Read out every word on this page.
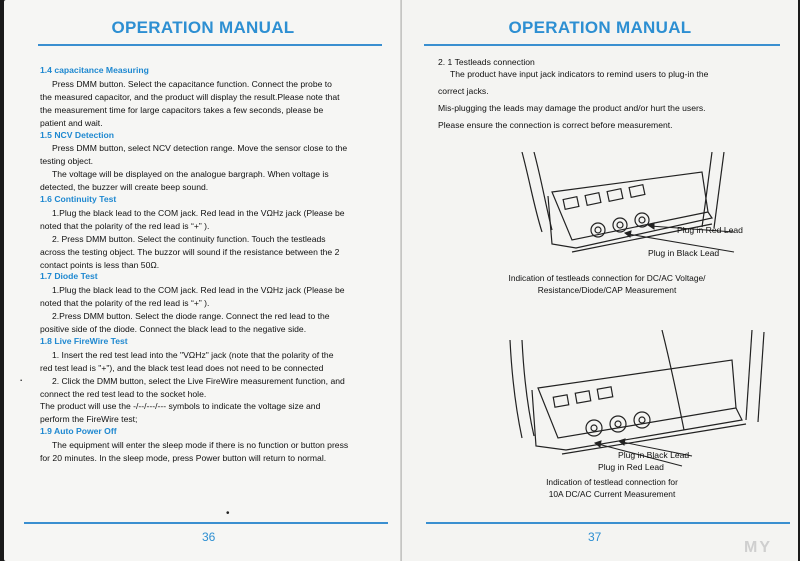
OPERATION MANUAL
1.4 capacitance Measuring
Press DMM button. Select the capacitance function. Connect the probe to
the measured capacitor, and the product will display the result.Please note that
the measurement time for large capacitors takes a few seconds, please be
patient and wait.
1.5 NCV Detection
Press DMM button, select NCV detection range. Move the sensor close to the
testing object.
The voltage will be displayed on the analogue bargraph. When voltage is
detected, the buzzer will create beep sound.
1.6 Continuity Test
1.Plug the black lead to the COM jack. Red lead in the VΩHz jack (Please be
noted that the polarity of the red lead is “+” ).
2. Press DMM button. Select the continuity function. Touch the testleads
across the testing object. The buzzor will sound if the resistance between the 2
contact points is less than 50Ω.
1.7 Diode Test
1.Plug the black lead to the COM jack. Red lead in the VΩHz jack (Please be
noted that the polarity of the red lead is “+” ).
2.Press DMM button. Select the diode range. Connect the red lead to the
positive side of the diode. Connect the black lead to the negative side.
1.8 Live FireWire Test
1. Insert the red test lead into the "VΩHz" jack (note that the polarity of the
red test lead is "+"), and the black test lead does not need to be connected
2. Click the DMM button, select the Live FireWire measurement function, and
connect the red test lead to the socket hole.
The product will use the -/--/---/--- symbols to indicate the voltage size and
perform the FireWire test;
1.9 Auto Power Off
The equipment will enter the sleep mode if there is no function or button press
for 20 minutes. In the sleep mode, press Power button will return to normal.
·
•
36
OPERATION MANUAL
2. 1 Testleads connection
The product have input jack indicators to remind users to plug-in the
correct jacks.
Mis-plugging the leads may damage the product and/or hurt the users.
Please ensure the connection is correct before measurement.
Plug in Red Lead
Plug in Black Lead
Indication of testleads connection for DC/AC Voltage/
Resistance/Diode/CAP Measurement
Plug in Black Lead
Plug in Red Lead
Indication of testlead connection for
10A DC/AC Current Measurement
37
MY
